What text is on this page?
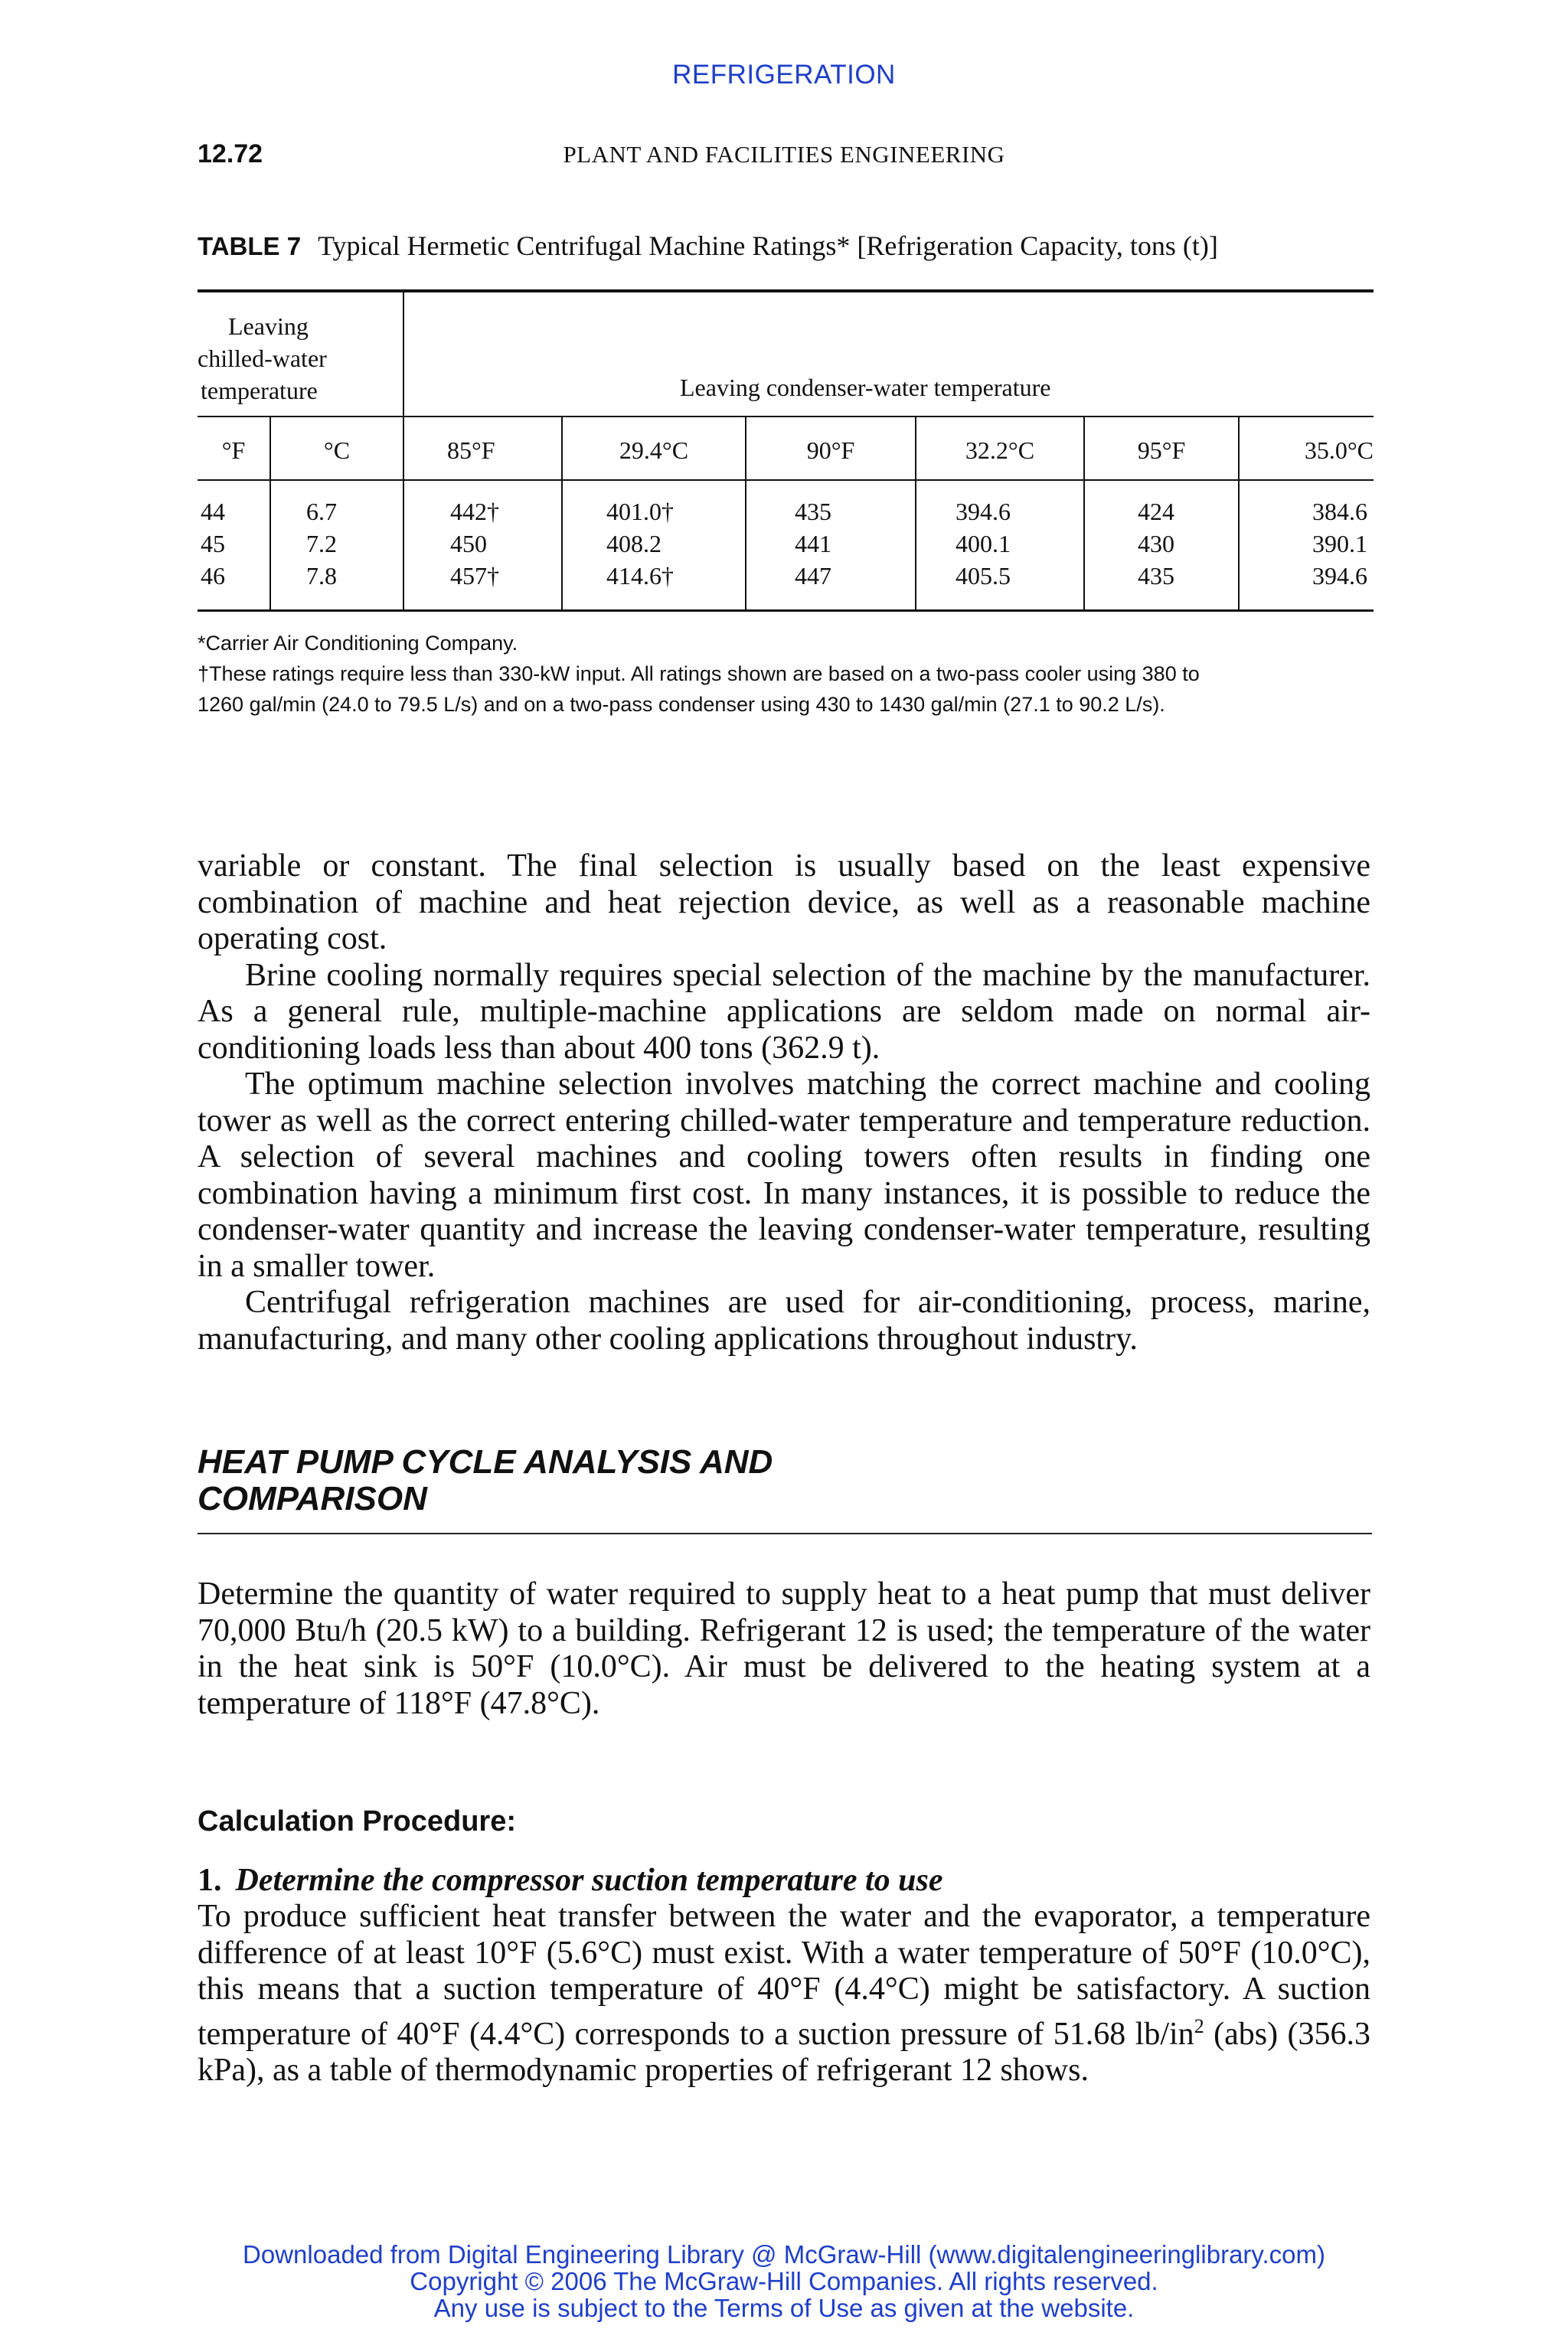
REFRIGERATION
12.72	PLANT AND FACILITIES ENGINEERING
TABLE 7 Typical Hermetic Centrifugal Machine Ratings* [Refrigeration Capacity, tons (t)]
Leaving
chilled-water
temperature	Leaving condenser-water temperature
°F	°C	85°F	29.4°C	90°F	32.2°C	95°F	35.0°C
44	6.7	442†	401.0†	435	394.6	424	384.6
45	7.2	450	408.2	441	400.1	430	390.1
46	7.8	457†	414.6†	447	405.5	435	394.6
*Carrier Air Conditioning Company.
†These ratings require less than 330-kW input. All ratings shown are based on a two-pass cooler using 380 to
1260 gal/min (24.0 to 79.5 L/s) and on a two-pass condenser using 430 to 1430 gal/min (27.1 to 90.2 L/s).

variable or constant. The final selection is usually based on the least expensive combination of machine and heat rejection device, as well as a reasonable machine operating cost.

Brine cooling normally requires special selection of the machine by the manufacturer. As a general rule, multiple-machine applications are seldom made on normal air-conditioning loads less than about 400 tons (362.9 t).

The optimum machine selection involves matching the correct machine and cooling tower as well as the correct entering chilled-water temperature and temperature reduction. A selection of several machines and cooling towers often results in finding one combination having a minimum first cost. In many instances, it is possible to reduce the condenser-water quantity and increase the leaving condenser-water temperature, resulting in a smaller tower.

Centrifugal refrigeration machines are used for air-conditioning, process, marine, manufacturing, and many other cooling applications throughout industry.

HEAT PUMP CYCLE ANALYSIS AND
COMPARISON

Determine the quantity of water required to supply heat to a heat pump that must deliver 70,000 Btu/h (20.5 kW) to a building. Refrigerant 12 is used; the temperature of the water in the heat sink is 50°F (10.0°C). Air must be delivered to the heating system at a temperature of 118°F (47.8°C).

Calculation Procedure:
1. Determine the compressor suction temperature to use

To produce sufficient heat transfer between the water and the evaporator, a temperature difference of at least 10°F (5.6°C) must exist. With a water temperature of 50°F (10.0°C), this means that a suction temperature of 40°F (4.4°C) might be satisfactory. A suction temperature of 40°F (4.4°C) corresponds to a suction pressure of 51.68 $lb/in^2$ (abs) (356.3 kPa), as a table of thermodynamic properties of refrigerant 12 shows.

Downloaded from Digital Engineering Library @ McGraw-Hill (www.digitalengineeringlibrary.com)
Copyright © 2006 The McGraw-Hill Companies. All rights reserved.
Any use is subject to the Terms of Use as given at the website.
